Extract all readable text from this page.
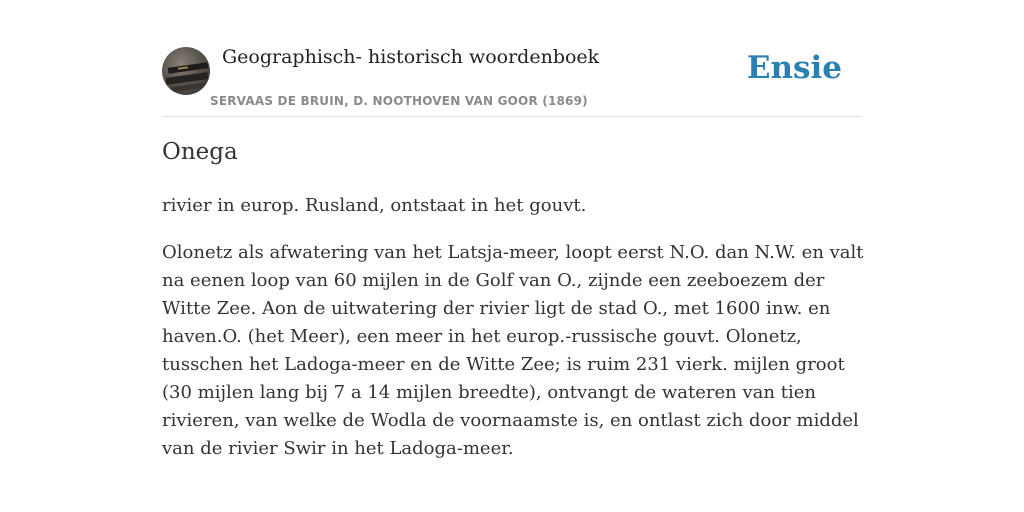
Geographisch- historisch woordenboek
SERVAAS DE BRUIN, D. NOOTHOVEN VAN GOOR (1869)
Ensie
Onega

rivier in europ. Rusland, ontstaat in het gouvt.

Olonetz als afwatering van het Latsja-meer, loopt eerst N.O. dan N.W. en valt na eenen loop van 60 mijlen in de Golf van O., zijnde een zeeboezem der Witte Zee. Aon de uitwatering der rivier ligt de stad O., met 1600 inw. en haven.O. (het Meer), een meer in het europ.-russische gouvt. Olonetz, tusschen het Ladoga-meer en de Witte Zee; is ruim 231 vierk. mijlen groot (30 mijlen lang bij 7 a 14 mijlen breedte), ontvangt de wateren van tien rivieren, van welke de Wodla de voornaamste is, en ontlast zich door middel van de rivier Swir in het Ladoga-meer.
